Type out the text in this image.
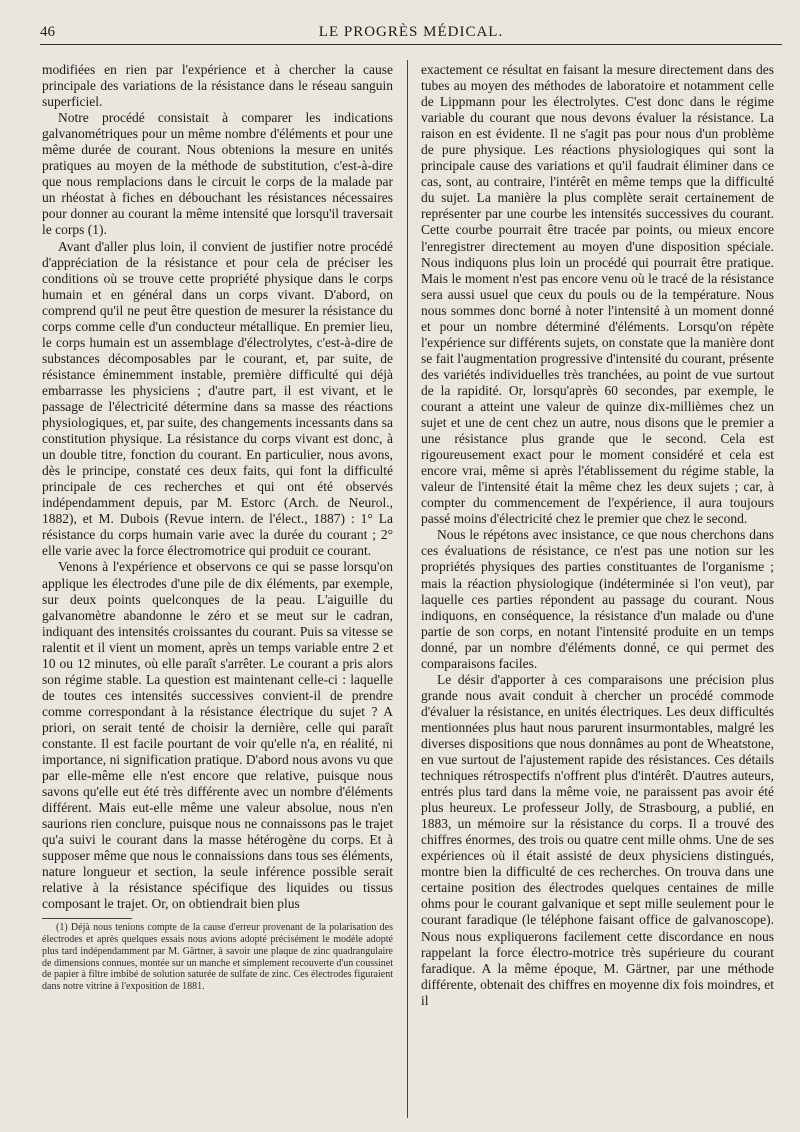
46	LE PROGRÈS MÉDICAL.

modifiées en rien par l'expérience et à chercher la cause principale des variations de la résistance dans le réseau sanguin superficiel.

Notre procédé consistait à comparer les indications galvanométriques pour un même nombre d'éléments et pour une même durée de courant. Nous obtenions la mesure en unités pratiques au moyen de la méthode de substitution, c'est-à-dire que nous remplacions dans le circuit le corps de la malade par un rhéostat à fiches en débouchant les résistances nécessaires pour donner au courant la même intensité que lorsqu'il traversait le corps (1).

Avant d'aller plus loin, il convient de justifier notre procédé d'appréciation de la résistance et pour cela de préciser les conditions où se trouve cette propriété physique dans le corps humain et en général dans un corps vivant. D'abord, on comprend qu'il ne peut être question de mesurer la résistance du corps comme celle d'un conducteur métallique. En premier lieu, le corps humain est un assemblage d'électrolytes, c'est-à-dire de substances décomposables par le courant, et, par suite, de résistance éminemment instable, première difficulté qui déjà embarrasse les physiciens ; d'autre part, il est vivant, et le passage de l'électricité détermine dans sa masse des réactions physiologiques, et, par suite, des changements incessants dans sa constitution physique. La résistance du corps vivant est donc, à un double titre, fonction du courant. En particulier, nous avons, dès le principe, constaté ces deux faits, qui font la difficulté principale de ces recherches et qui ont été observés indépendamment depuis, par M. Estorc (Arch. de Neurol., 1882), et M. Dubois (Revue intern. de l'élect., 1887) : 1° La résistance du corps humain varie avec la durée du courant ; 2° elle varie avec la force électromotrice qui produit ce courant.

Venons à l'expérience et observons ce qui se passe lorsqu'on applique les électrodes d'une pile de dix éléments, par exemple, sur deux points quelconques de la peau. L'aiguille du galvanomètre abandonne le zéro et se meut sur le cadran, indiquant des intensités croissantes du courant. Puis sa vitesse se ralentit et il vient un moment, après un temps variable entre 2 et 10 ou 12 minutes, où elle paraît s'arrêter. Le courant a pris alors son régime stable. La question est maintenant celle-ci : laquelle de toutes ces intensités successives convient-il de prendre comme correspondant à la résistance électrique du sujet ? A priori, on serait tenté de choisir la dernière, celle qui paraît constante. Il est facile pourtant de voir qu'elle n'a, en réalité, ni importance, ni signification pratique. D'abord nous avons vu que par elle-même elle n'est encore que relative, puisque nous savons qu'elle eut été très différente avec un nombre d'éléments différent. Mais eut-elle même une valeur absolue, nous n'en saurions rien conclure, puisque nous ne connaissons pas le trajet qu'a suivi le courant dans la masse hétérogène du corps. Et à supposer même que nous le connaissions dans tous ses éléments, nature longueur et section, la seule inférence possible serait relative à la résistance spécifique des liquides ou tissus composant le trajet. Or, on obtiendrait bien plus

(1) Déjà nous tenions compte de la cause d'erreur provenant de la polarisation des électrodes et après quelques essais nous avions adopté précisément le modèle adopté plus tard indépendamment par M. Gärtner, à savoir une plaque de zinc quadrangulaire de dimensions connues, montée sur un manche et simplement recouverte d'un coussinet de papier à filtre imbibé de solution saturée de sulfate de zinc. Ces électrodes figuraient dans notre vitrine à l'exposition de 1881.

exactement ce résultat en faisant la mesure directement dans des tubes au moyen des méthodes de laboratoire et notamment celle de Lippmann pour les électrolytes. C'est donc dans le régime variable du courant que nous devons évaluer la résistance. La raison en est évidente. Il ne s'agit pas pour nous d'un problème de pure physique. Les réactions physiologiques qui sont la principale cause des variations et qu'il faudrait éliminer dans ce cas, sont, au contraire, l'intérêt en même temps que la difficulté du sujet. La manière la plus complète serait certainement de représenter par une courbe les intensités successives du courant. Cette courbe pourrait être tracée par points, ou mieux encore l'enregistrer directement au moyen d'une disposition spéciale. Nous indiquons plus loin un procédé qui pourrait être pratique. Mais le moment n'est pas encore venu où le tracé de la résistance sera aussi usuel que ceux du pouls ou de la température. Nous nous sommes donc borné à noter l'intensité à un moment donné et pour un nombre déterminé d'éléments. Lorsqu'on répète l'expérience sur différents sujets, on constate que la manière dont se fait l'augmentation progressive d'intensité du courant, présente des variétés individuelles très tranchées, au point de vue surtout de la rapidité. Or, lorsqu'après 60 secondes, par exemple, le courant a atteint une valeur de quinze dix-millièmes chez un sujet et une de cent chez un autre, nous disons que le premier a une résistance plus grande que le second. Cela est rigoureusement exact pour le moment considéré et cela est encore vrai, même si après l'établissement du régime stable, la valeur de l'intensité était la même chez les deux sujets ; car, à compter du commencement de l'expérience, il aura toujours passé moins d'électricité chez le premier que chez le second.

Nous le répétons avec insistance, ce que nous cherchons dans ces évaluations de résistance, ce n'est pas une notion sur les propriétés physiques des parties constituantes de l'organisme ; mais la réaction physiologique (indéterminée si l'on veut), par laquelle ces parties répondent au passage du courant. Nous indiquons, en conséquence, la résistance d'un malade ou d'une partie de son corps, en notant l'intensité produite en un temps donné, par un nombre d'éléments donné, ce qui permet des comparaisons faciles.

Le désir d'apporter à ces comparaisons une précision plus grande nous avait conduit à chercher un procédé commode d'évaluer la résistance, en unités électriques. Les deux difficultés mentionnées plus haut nous parurent insurmontables, malgré les diverses dispositions que nous donnâmes au pont de Wheatstone, en vue surtout de l'ajustement rapide des résistances. Ces détails techniques rétrospectifs n'offrent plus d'intérêt. D'autres auteurs, entrés plus tard dans la même voie, ne paraissent pas avoir été plus heureux. Le professeur Jolly, de Strasbourg, a publié, en 1883, un mémoire sur la résistance du corps. Il a trouvé des chiffres énormes, des trois ou quatre cent mille ohms. Une de ses expériences où il était assisté de deux physiciens distingués, montre bien la difficulté de ces recherches. On trouva dans une certaine position des électrodes quelques centaines de mille ohms pour le courant galvanique et sept mille seulement pour le courant faradique (le téléphone faisant office de galvanoscope). Nous nous expliquerons facilement cette discordance en nous rappelant la force électro-motrice très supérieure du courant faradique. A la même époque, M. Gärtner, par une méthode différente, obtenait des chiffres en moyenne dix fois moindres, et il
